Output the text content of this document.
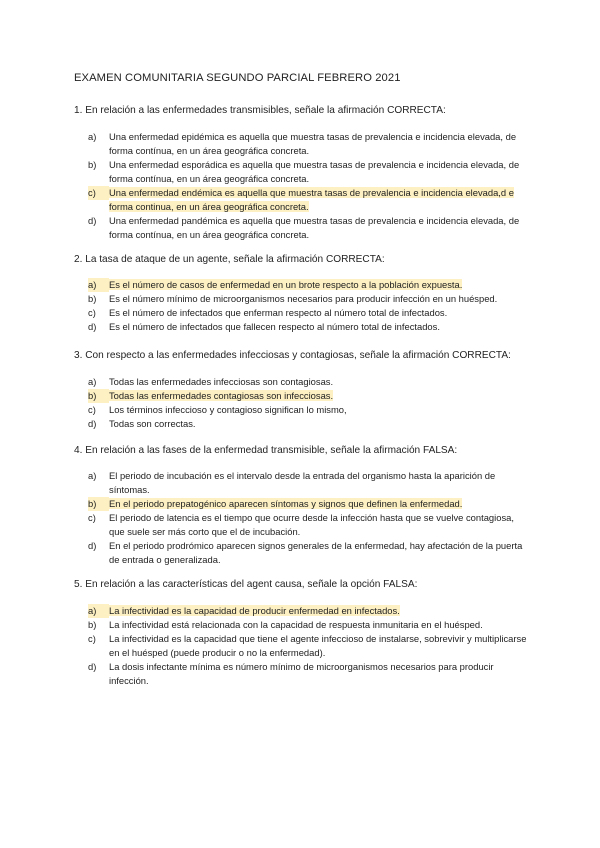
EXAMEN COMUNITARIA SEGUNDO PARCIAL FEBRERO 2021
1. En relación a las enfermedades transmisibles, señale la afirmación CORRECTA:
a)	Una enfermedad epidémica es aquella que muestra tasas de prevalencia e incidencia elevada, de forma contínua, en un área geográfica concreta.
b)	Una enfermedad esporádica es aquella que muestra tasas de prevalencia e incidencia elevada, de forma contínua, en un área geográfica concreta.
c)	Una enfermedad endémica es aquella que muestra tasas de prevalencia e incidencia elevada,d e forma continua, en un área geográfica concreta.
d)	Una enfermedad pandémica es aquella que muestra tasas de prevalencia e incidencia elevada, de forma contínua, en un área geográfica concreta.
2. La tasa de ataque de un agente, señale la afirmación CORRECTA:
a)	Es el número de casos de enfermedad en un brote respecto a la población expuesta.
b)	Es el número mínimo de microorganismos necesarios para producir infección en un huésped.
c)	Es el número de infectados que enferman respecto al número total de infectados.
d)	Es el número de infectados que fallecen respecto al número total de infectados.
3. Con respecto a las enfermedades infecciosas y contagiosas, señale la afirmación CORRECTA:
a)	Todas las enfermedades infecciosas son contagiosas.
b)	Todas las enfermedades contagiosas son infecciosas.
c)	Los términos infeccioso y contagioso significan lo mismo,
d)	Todas son correctas.
4. En relación a las fases de la enfermedad transmisible, señale la afirmación FALSA:
a)	El periodo de incubación es el intervalo desde la entrada del organismo hasta la aparición de síntomas.
b)	En el periodo prepatogénico aparecen síntomas y signos que definen la enfermedad.
c)	El periodo de latencia es el tiempo que ocurre desde la infección hasta que se vuelve contagiosa, que suele ser más corto que el de incubación.
d)	En el periodo prodrómico aparecen signos generales de la enfermedad, hay afectación de la puerta de entrada o generalizada.
5. En relación a las características del agent causa, señale la opción FALSA:
a)	La infectividad es la capacidad de producir enfermedad en infectados.
b)	La infectividad está relacionada con la capacidad de respuesta inmunitaria en el huésped.
c)	La infectividad es la capacidad que tiene el agente infeccioso de instalarse, sobrevivir y multiplicarse en el huésped (puede producir o no la enfermedad).
d)	La dosis infectante mínima es número mínimo de microorganismos necesarios para producir infección.
